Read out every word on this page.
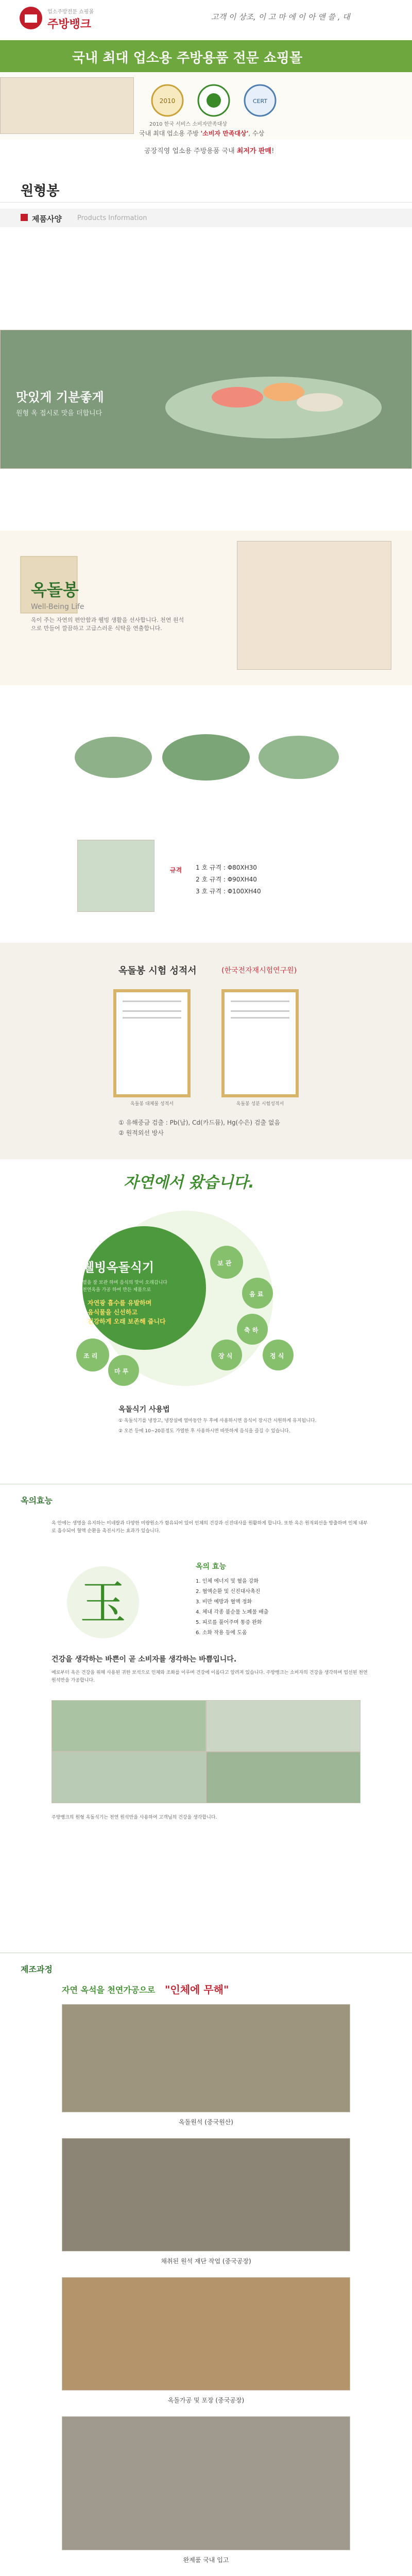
업소주방전문 쇼핑몰
주방뱅크
고객 이 상조, 이 고 마 에 이 아 앤 쓸 , 대
국내 최대 업소용 주방용품 전문 쇼핑몰
2010	CERT
2010 한국 서비스 소비자만족대상
국내 최대 업소용 주방 '소비자 만족대상', 수상
공장직영 업소용 주방용품 국내 최저가 판매!
원형봉
제품사양 Products Information
맛있게 기분좋게
원형 옥 접시로 맛을 더합니다
옥돌봉
Well-Being Life
옥이 주는 자연의 편안함과 웰빙 생활을 선사합니다. 천연 원석으로 만들어 깔끔하고 고급스러운 식탁을 연출합니다.
규격 1 호 규격 : Φ80XH30
2 호 규격 : Φ90XH40
3 호 규격 : Φ100XH40
옥돌봉 시험 성적서	(한국전자재시험연구원)
옥돌봉 대체물 성적서	옥돌봉 성분 시험성적서
① 유해중금 검출 : Pb(납), Cd(카드뮴), Hg(수은) 검출 없음
② 원적외선 방사
자연에서 왔습니다.
웰빙옥돌식기
열을 잘 보관 하며 음식의 맛이 오래갑니다
천연옥을 가공 하여 만든 제품으로
자연광 흡수를 유발하며
음식물을 신선하고
건강하게 오래 보존해 줍니다
보 관
음 료
축 하
장 식
조 리
마 루
정 식
옥돌식기 사용법
① 옥돌식기를 냉장고, 냉장실에 얼마동안 두 후에 사용하시면 음식이 장시간 시원하게 유지됩니다.
② 오븐 등에 10~20분정도 가열한 후 사용하시면 따뜻하게 음식을 즐길 수 있습니다.
옥의효능
옥 안에는 생명을 유지하는 미네랄과 다양한 미량원소가 함유되어 있어 인체의 건강과 신진대사를 원활하게 합니다. 또한 옥은 원적외선을 방출하며 인체 내부로 흡수되어 혈액 순환을 촉진시키는 효과가 있습니다.
玉
옥의 효능
1. 인체 에너지 및 혈을 강화
2. 혈액순환 및 신진대사촉진
3. 비만 예방과 혈액 정화
4. 체내 각종 불순물 노폐물 배출
5. 피로를 풀어주며 통증 완화
6. 소화 작용 등에 도움
건강을 생각하는 바쁜이 곧 소비자를 생각하는 바쁨입니다.
예로부터 옥은 건강을 위해 사용된 귀한 보석으로 인체와 조화를 이루며 건강에 이롭다고 알려져 있습니다. 주방뱅크는 소비자의 건강을 생각하며 엄선된 천연 원석만을 가공합니다.
주방뱅크의 원형 옥돌식기는 천연 원석만을 사용하여 고객님의 건강을 생각합니다.
제조과정
자연 옥석을 천연가공으로 "인체에 무해"
옥돌원석 (중국원산)
채취된 원석 재단 작업 (중국공장)
옥돌가공 및 포장 (중국공장)
완제품 국내 입고
